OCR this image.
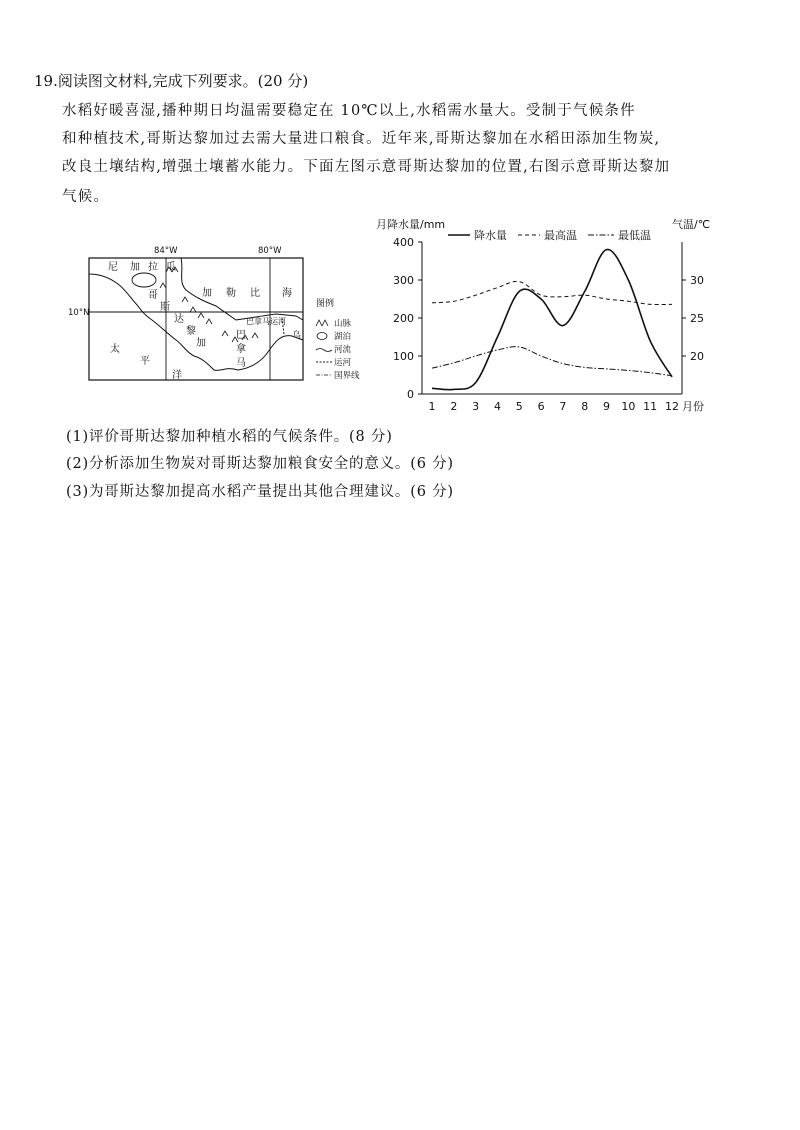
19.阅读图文材料,完成下列要求。(20 分)
水稻好暖喜湿,播种期日均温需要稳定在 10℃以上,水稻需水量大。受制于气候条件
和种植技术,哥斯达黎加过去需大量进口粮食。近年来,哥斯达黎加在水稻田添加生物炭,
改良土壤结构,增强土壤蓄水能力。下面左图示意哥斯达黎加的位置,右图示意哥斯达黎加
气候。
84°W	80°W
10°N
尼 加 拉 瓜
哥
斯
达
黎
加
巴
拿
马
巴拿马运河
乌
加 勒 比 海
太
平
洋
图例
山脉
湖泊
河流
运河
国界线
月降水量/mm	气温/℃
降水量	最高温	最低温
0
100
200
300
400
20
25
30
1 2 3 4 5 6 7 8 9 10 11 12 月份
(1)评价哥斯达黎加种植水稻的气候条件。(8 分)
(2)分析添加生物炭对哥斯达黎加粮食安全的意义。(6 分)
(3)为哥斯达黎加提高水稻产量提出其他合理建议。(6 分)
